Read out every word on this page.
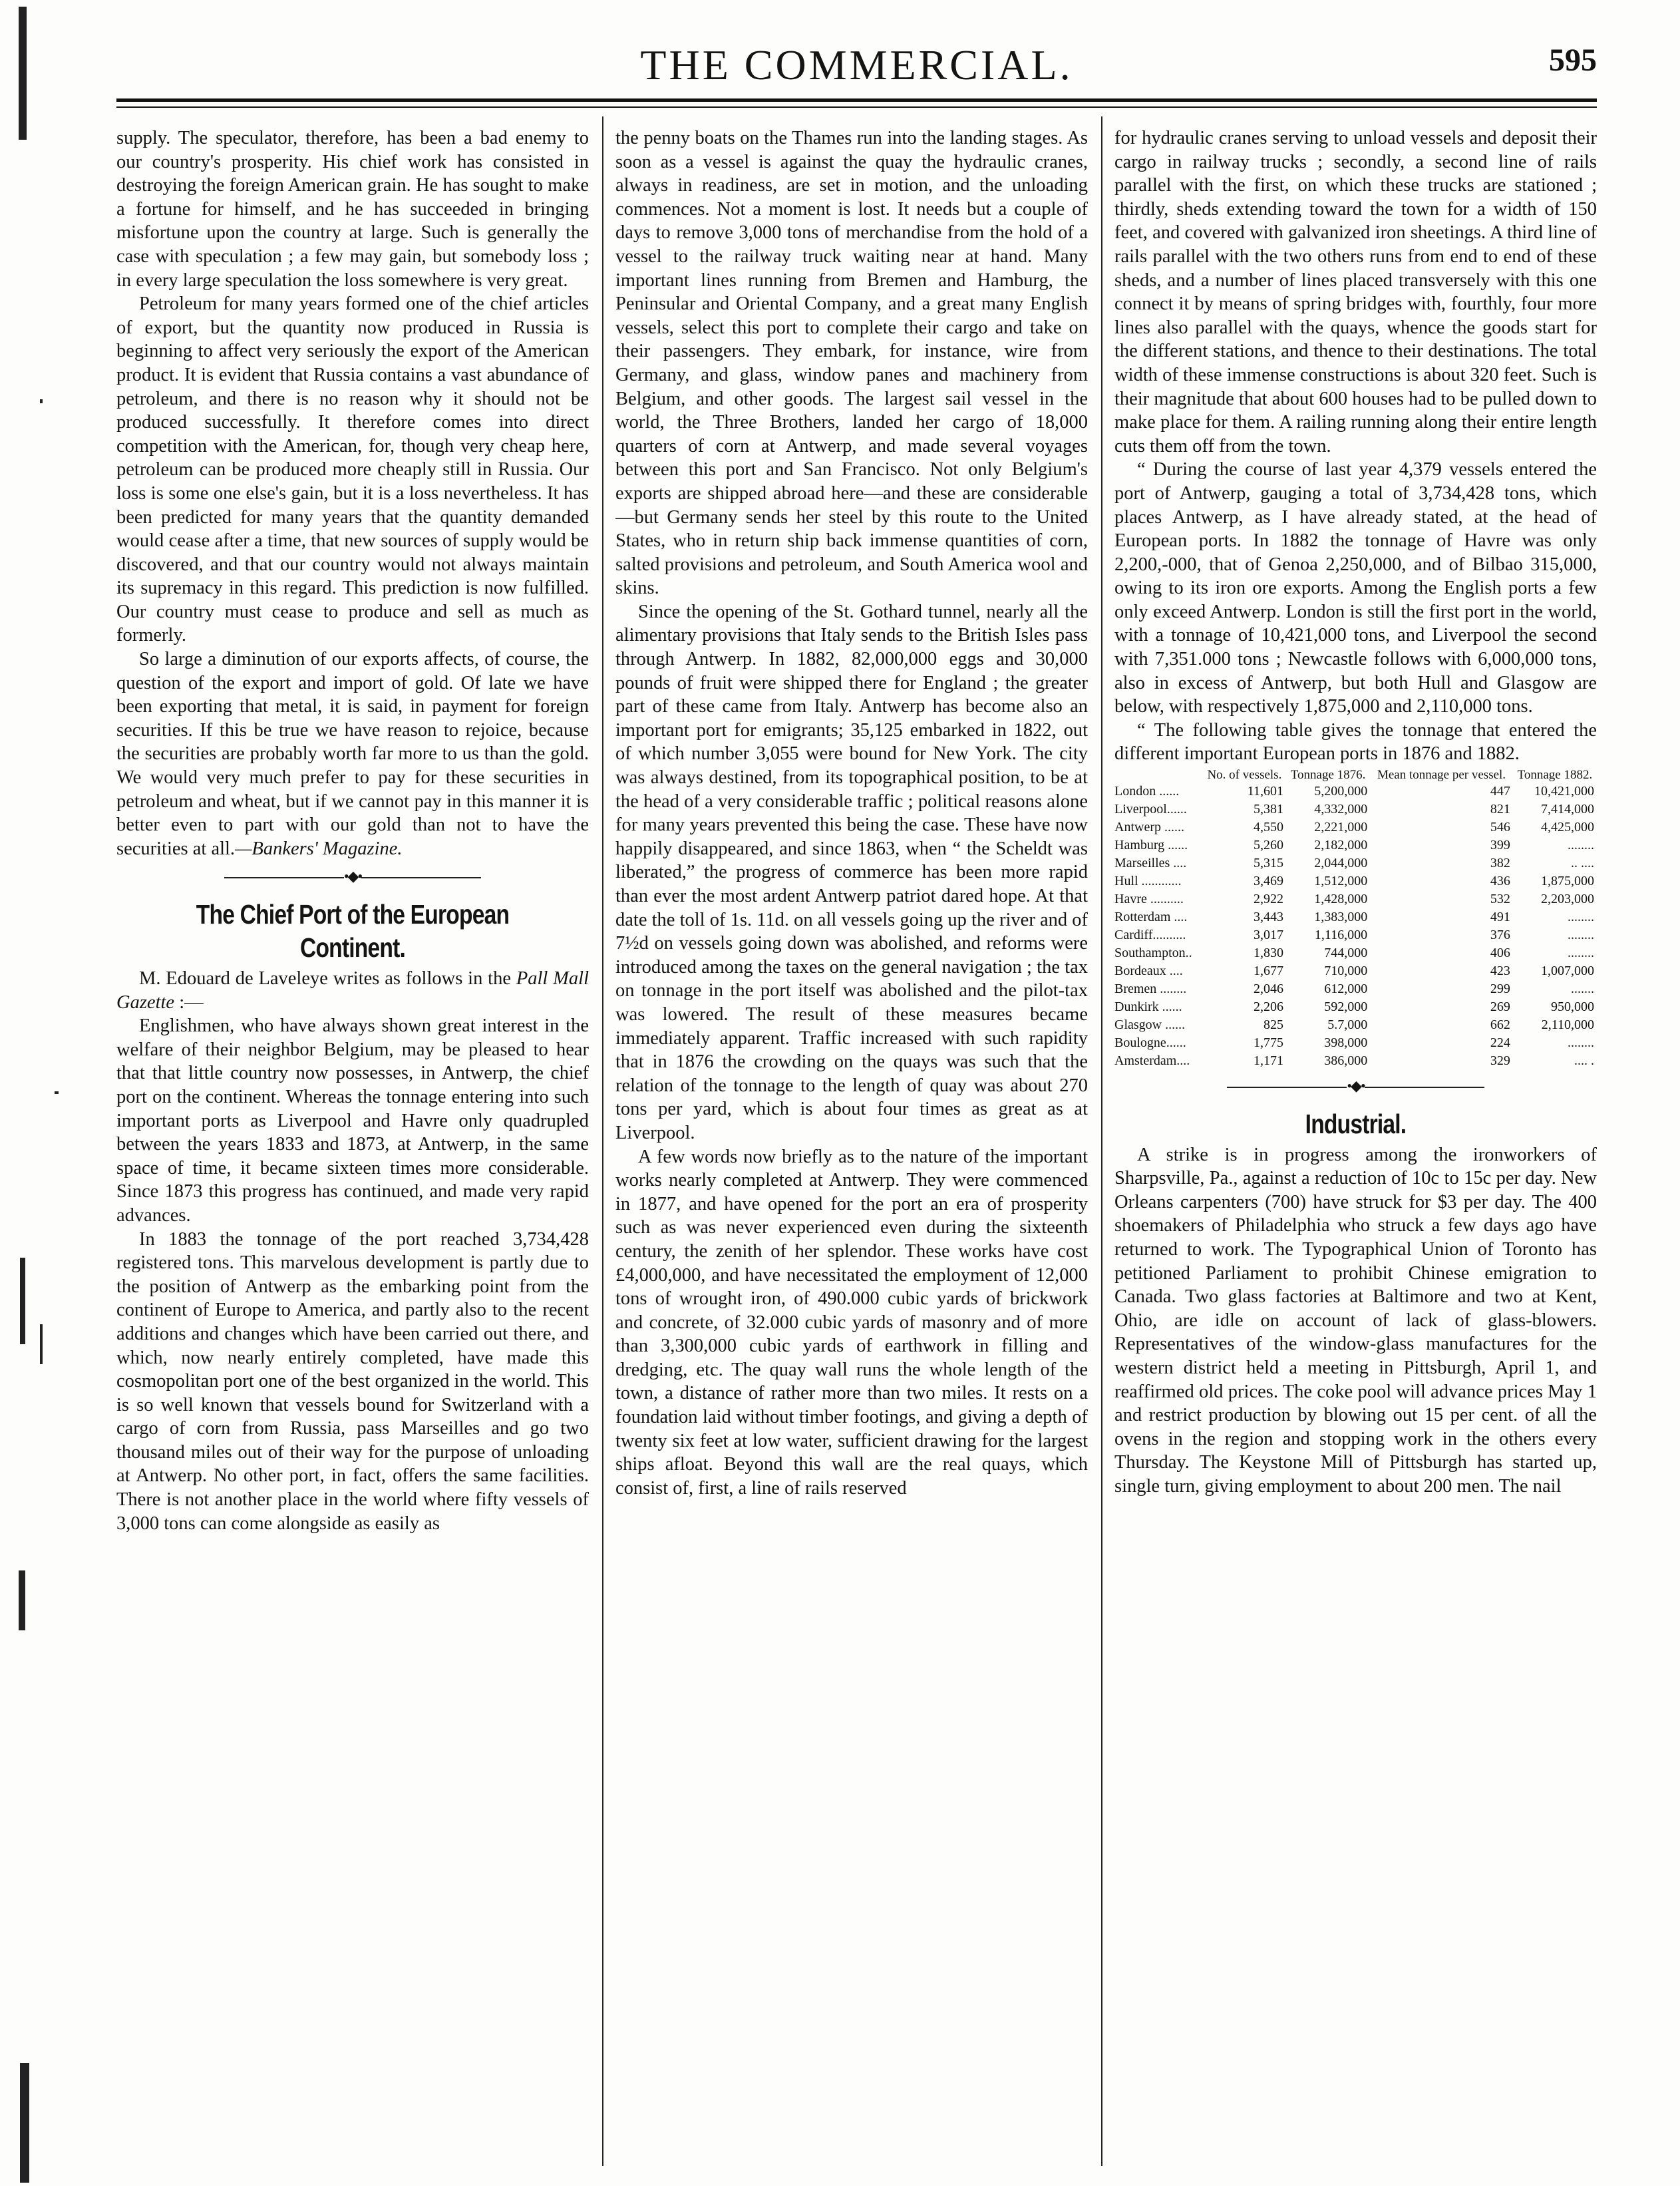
THE COMMERCIAL.	595

supply. The speculator, therefore, has been a bad enemy to our country's prosperity. His chief work has consisted in destroying the foreign American grain. He has sought to make a fortune for himself, and he has succeeded in bringing misfortune upon the country at large. Such is generally the case with speculation ; a few may gain, but somebody loss ; in every large speculation the loss somewhere is very great.

Petroleum for many years formed one of the chief articles of export, but the quantity now produced in Russia is beginning to affect very seriously the export of the American product. It is evident that Russia contains a vast abundance of petroleum, and there is no reason why it should not be produced successfully. It therefore comes into direct competition with the American, for, though very cheap here, petroleum can be produced more cheaply still in Russia. Our loss is some one else's gain, but it is a loss nevertheless. It has been predicted for many years that the quantity demanded would cease after a time, that new sources of supply would be discovered, and that our country would not always maintain its supremacy in this regard. This prediction is now fulfilled. Our country must cease to produce and sell as much as formerly.

So large a diminution of our exports affects, of course, the question of the export and import of gold. Of late we have been exporting that metal, it is said, in payment for foreign securities. If this be true we have reason to rejoice, because the securities are probably worth far more to us than the gold. We would very much prefer to pay for these securities in petroleum and wheat, but if we cannot pay in this manner it is better even to part with our gold than not to have the securities at all.—Bankers' Magazine.

•◆•
The Chief Port of the European Continent.

M. Edouard de Laveleye writes as follows in the Pall Mall Gazette :—

Englishmen, who have always shown great interest in the welfare of their neighbor Belgium, may be pleased to hear that that little country now possesses, in Antwerp, the chief port on the continent. Whereas the tonnage entering into such important ports as Liverpool and Havre only quadrupled between the years 1833 and 1873, at Antwerp, in the same space of time, it became sixteen times more considerable. Since 1873 this progress has continued, and made very rapid advances.

In 1883 the tonnage of the port reached 3,734,428 registered tons. This marvelous development is partly due to the position of Antwerp as the embarking point from the continent of Europe to America, and partly also to the recent additions and changes which have been carried out there, and which, now nearly entirely completed, have made this cosmopolitan port one of the best organized in the world. This is so well known that vessels bound for Switzerland with a cargo of corn from Russia, pass Marseilles and go two thousand miles out of their way for the purpose of unloading at Antwerp. No other port, in fact, offers the same facilities. There is not another place in the world where fifty vessels of 3,000 tons can come alongside as easily as

the penny boats on the Thames run into the landing stages. As soon as a vessel is against the quay the hydraulic cranes, always in readiness, are set in motion, and the unloading commences. Not a moment is lost. It needs but a couple of days to remove 3,000 tons of merchandise from the hold of a vessel to the railway truck waiting near at hand. Many important lines running from Bremen and Hamburg, the Peninsular and Oriental Company, and a great many English vessels, select this port to complete their cargo and take on their passengers. They embark, for instance, wire from Germany, and glass, window panes and machinery from Belgium, and other goods. The largest sail vessel in the world, the Three Brothers, landed her cargo of 18,000 quarters of corn at Antwerp, and made several voyages between this port and San Francisco. Not only Belgium's exports are shipped abroad here—and these are considerable—but Germany sends her steel by this route to the United States, who in return ship back immense quantities of corn, salted provisions and petroleum, and South America wool and skins.

Since the opening of the St. Gothard tunnel, nearly all the alimentary provisions that Italy sends to the British Isles pass through Antwerp. In 1882, 82,000,000 eggs and 30,000 pounds of fruit were shipped there for England ; the greater part of these came from Italy. Antwerp has become also an important port for emigrants; 35,125 embarked in 1822, out of which number 3,055 were bound for New York. The city was always destined, from its topographical position, to be at the head of a very considerable traffic ; political reasons alone for many years prevented this being the case. These have now happily disappeared, and since 1863, when “ the Scheldt was liberated,” the progress of commerce has been more rapid than ever the most ardent Antwerp patriot dared hope. At that date the toll of 1s. 11d. on all vessels going up the river and of 7½d on vessels going down was abolished, and reforms were introduced among the taxes on the general navigation ; the tax on tonnage in the port itself was abolished and the pilot-tax was lowered. The result of these measures became immediately apparent. Traffic increased with such rapidity that in 1876 the crowding on the quays was such that the relation of the tonnage to the length of quay was about 270 tons per yard, which is about four times as great as at Liverpool.

A few words now briefly as to the nature of the important works nearly completed at Antwerp. They were commenced in 1877, and have opened for the port an era of prosperity such as was never experienced even during the sixteenth century, the zenith of her splendor. These works have cost £4,000,000, and have necessitated the employment of 12,000 tons of wrought iron, of 490.000 cubic yards of brickwork and concrete, of 32.000 cubic yards of masonry and of more than 3,300,000 cubic yards of earthwork in filling and dredging, etc. The quay wall runs the whole length of the town, a distance of rather more than two miles. It rests on a foundation laid without timber footings, and giving a depth of twenty six feet at low water, sufficient drawing for the largest ships afloat. Beyond this wall are the real quays, which consist of, first, a line of rails reserved

for hydraulic cranes serving to unload vessels and deposit their cargo in railway trucks ; secondly, a second line of rails parallel with the first, on which these trucks are stationed ; thirdly, sheds extending toward the town for a width of 150 feet, and covered with galvanized iron sheetings. A third line of rails parallel with the two others runs from end to end of these sheds, and a number of lines placed transversely with this one connect it by means of spring bridges with, fourthly, four more lines also parallel with the quays, whence the goods start for the different stations, and thence to their destinations. The total width of these immense constructions is about 320 feet. Such is their magnitude that about 600 houses had to be pulled down to make place for them. A railing running along their entire length cuts them off from the town.

“ During the course of last year 4,379 vessels entered the port of Antwerp, gauging a total of 3,734,428 tons, which places Antwerp, as I have already stated, at the head of European ports. In 1882 the tonnage of Havre was only 2,200,-000, that of Genoa 2,250,000, and of Bilbao 315,000, owing to its iron ore exports. Among the English ports a few only exceed Antwerp. London is still the first port in the world, with a tonnage of 10,421,000 tons, and Liverpool the second with 7,351.000 tons ; Newcastle follows with 6,000,000 tons, also in excess of Antwerp, but both Hull and Glasgow are below, with respectively 1,875,000 and 2,110,000 tons.

“ The following table gives the tonnage that entered the different important European ports in 1876 and 1882.

	No. of vessels.	Tonnage 1876.	Mean tonnage per vessel.	Tonnage 1882.
London ......	11,601	5,200,000	447	10,421,000
Liverpool......	5,381	4,332,000	821	7,414,000
Antwerp ......	4,550	2,221,000	546	4,425,000
Hamburg ......	5,260	2,182,000	399	........
Marseilles ....	5,315	2,044,000	382	.. ....
Hull ............	3,469	1,512,000	436	1,875,000
Havre ..........	2,922	1,428,000	532	2,203,000
Rotterdam ....	3,443	1,383,000	491	........
Cardiff..........	3,017	1,116,000	376	........
Southampton..	1,830	744,000	406	........
Bordeaux ....	1,677	710,000	423	1,007,000
Bremen ........	2,046	612,000	299	.......
Dunkirk ......	2,206	592,000	269	950,000
Glasgow ......	825	5.7,000	662	2,110,000
Boulogne......	1,775	398,000	224	........
Amsterdam....	1,171	386,000	329	.... .
•◆•
Industrial.

A strike is in progress among the ironworkers of Sharpsville, Pa., against a reduction of 10c to 15c per day. New Orleans carpenters (700) have struck for $3 per day. The 400 shoemakers of Philadelphia who struck a few days ago have returned to work. The Typographical Union of Toronto has petitioned Parliament to prohibit Chinese emigration to Canada. Two glass factories at Baltimore and two at Kent, Ohio, are idle on account of lack of glass-blowers. Representatives of the window-glass manufactures for the western district held a meeting in Pittsburgh, April 1, and reaffirmed old prices. The coke pool will advance prices May 1 and restrict production by blowing out 15 per cent. of all the ovens in the region and stopping work in the others every Thursday. The Keystone Mill of Pittsburgh has started up, single turn, giving employment to about 200 men. The nail
